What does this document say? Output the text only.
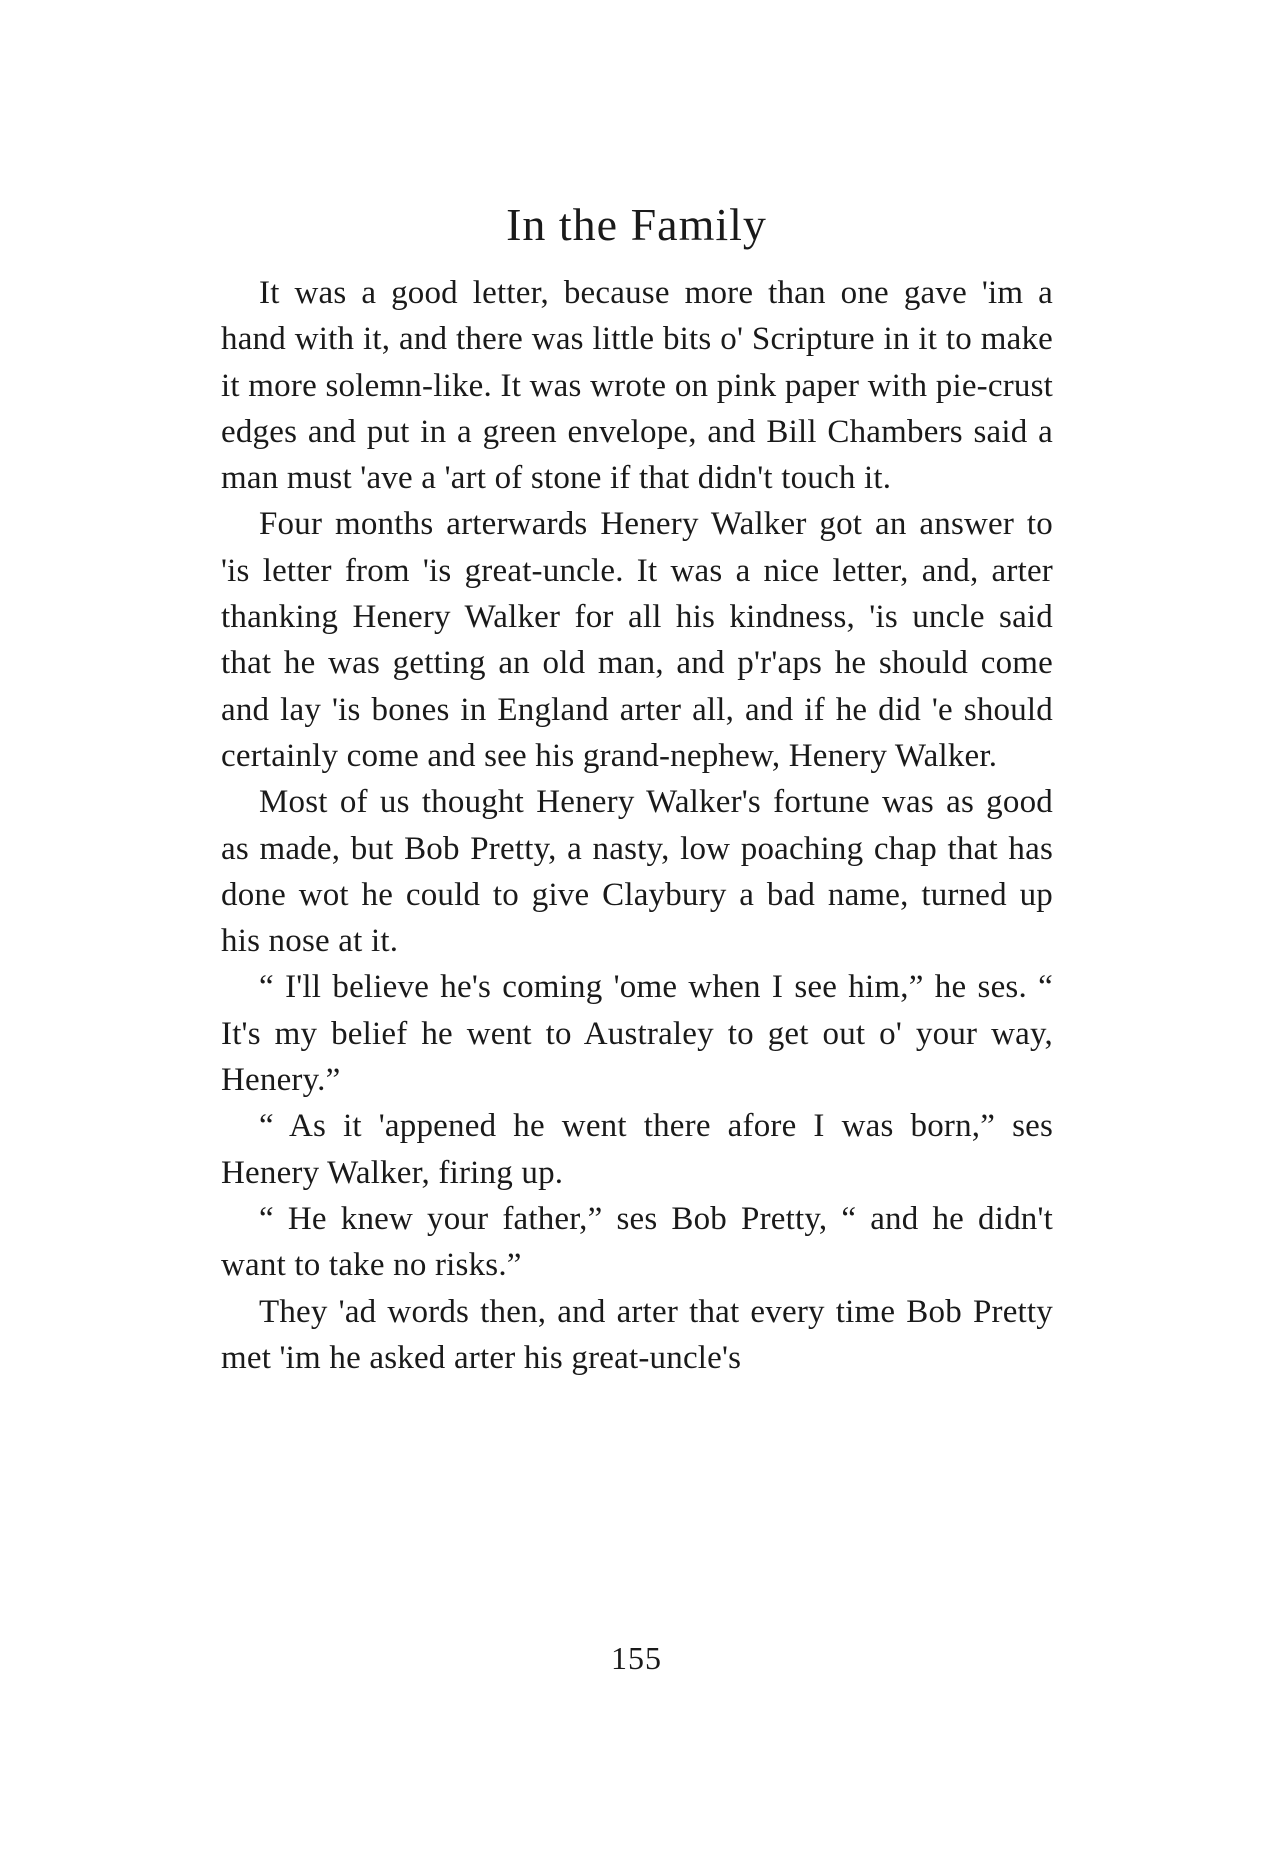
In the Family

It was a good letter, because more than one gave 'im a hand with it, and there was little bits o' Scripture in it to make it more solemn-like. It was wrote on pink paper with pie-crust edges and put in a green envelope, and Bill Chambers said a man must 'ave a 'art of stone if that didn't touch it.

Four months arterwards Henery Walker got an answer to 'is letter from 'is great-uncle. It was a nice letter, and, arter thanking Henery Walker for all his kindness, 'is uncle said that he was getting an old man, and p'r'aps he should come and lay 'is bones in England arter all, and if he did 'e should certainly come and see his grand-nephew, Henery Walker.

Most of us thought Henery Walker's fortune was as good as made, but Bob Pretty, a nasty, low poaching chap that has done wot he could to give Claybury a bad name, turned up his nose at it.

“ I'll believe he's coming 'ome when I see him,” he ses. “ It's my belief he went to Australey to get out o' your way, Henery.”

“ As it 'appened he went there afore I was born,” ses Henery Walker, firing up.

“ He knew your father,” ses Bob Pretty, “ and he didn't want to take no risks.”

They 'ad words then, and arter that every time Bob Pretty met 'im he asked arter his great-uncle's

155
